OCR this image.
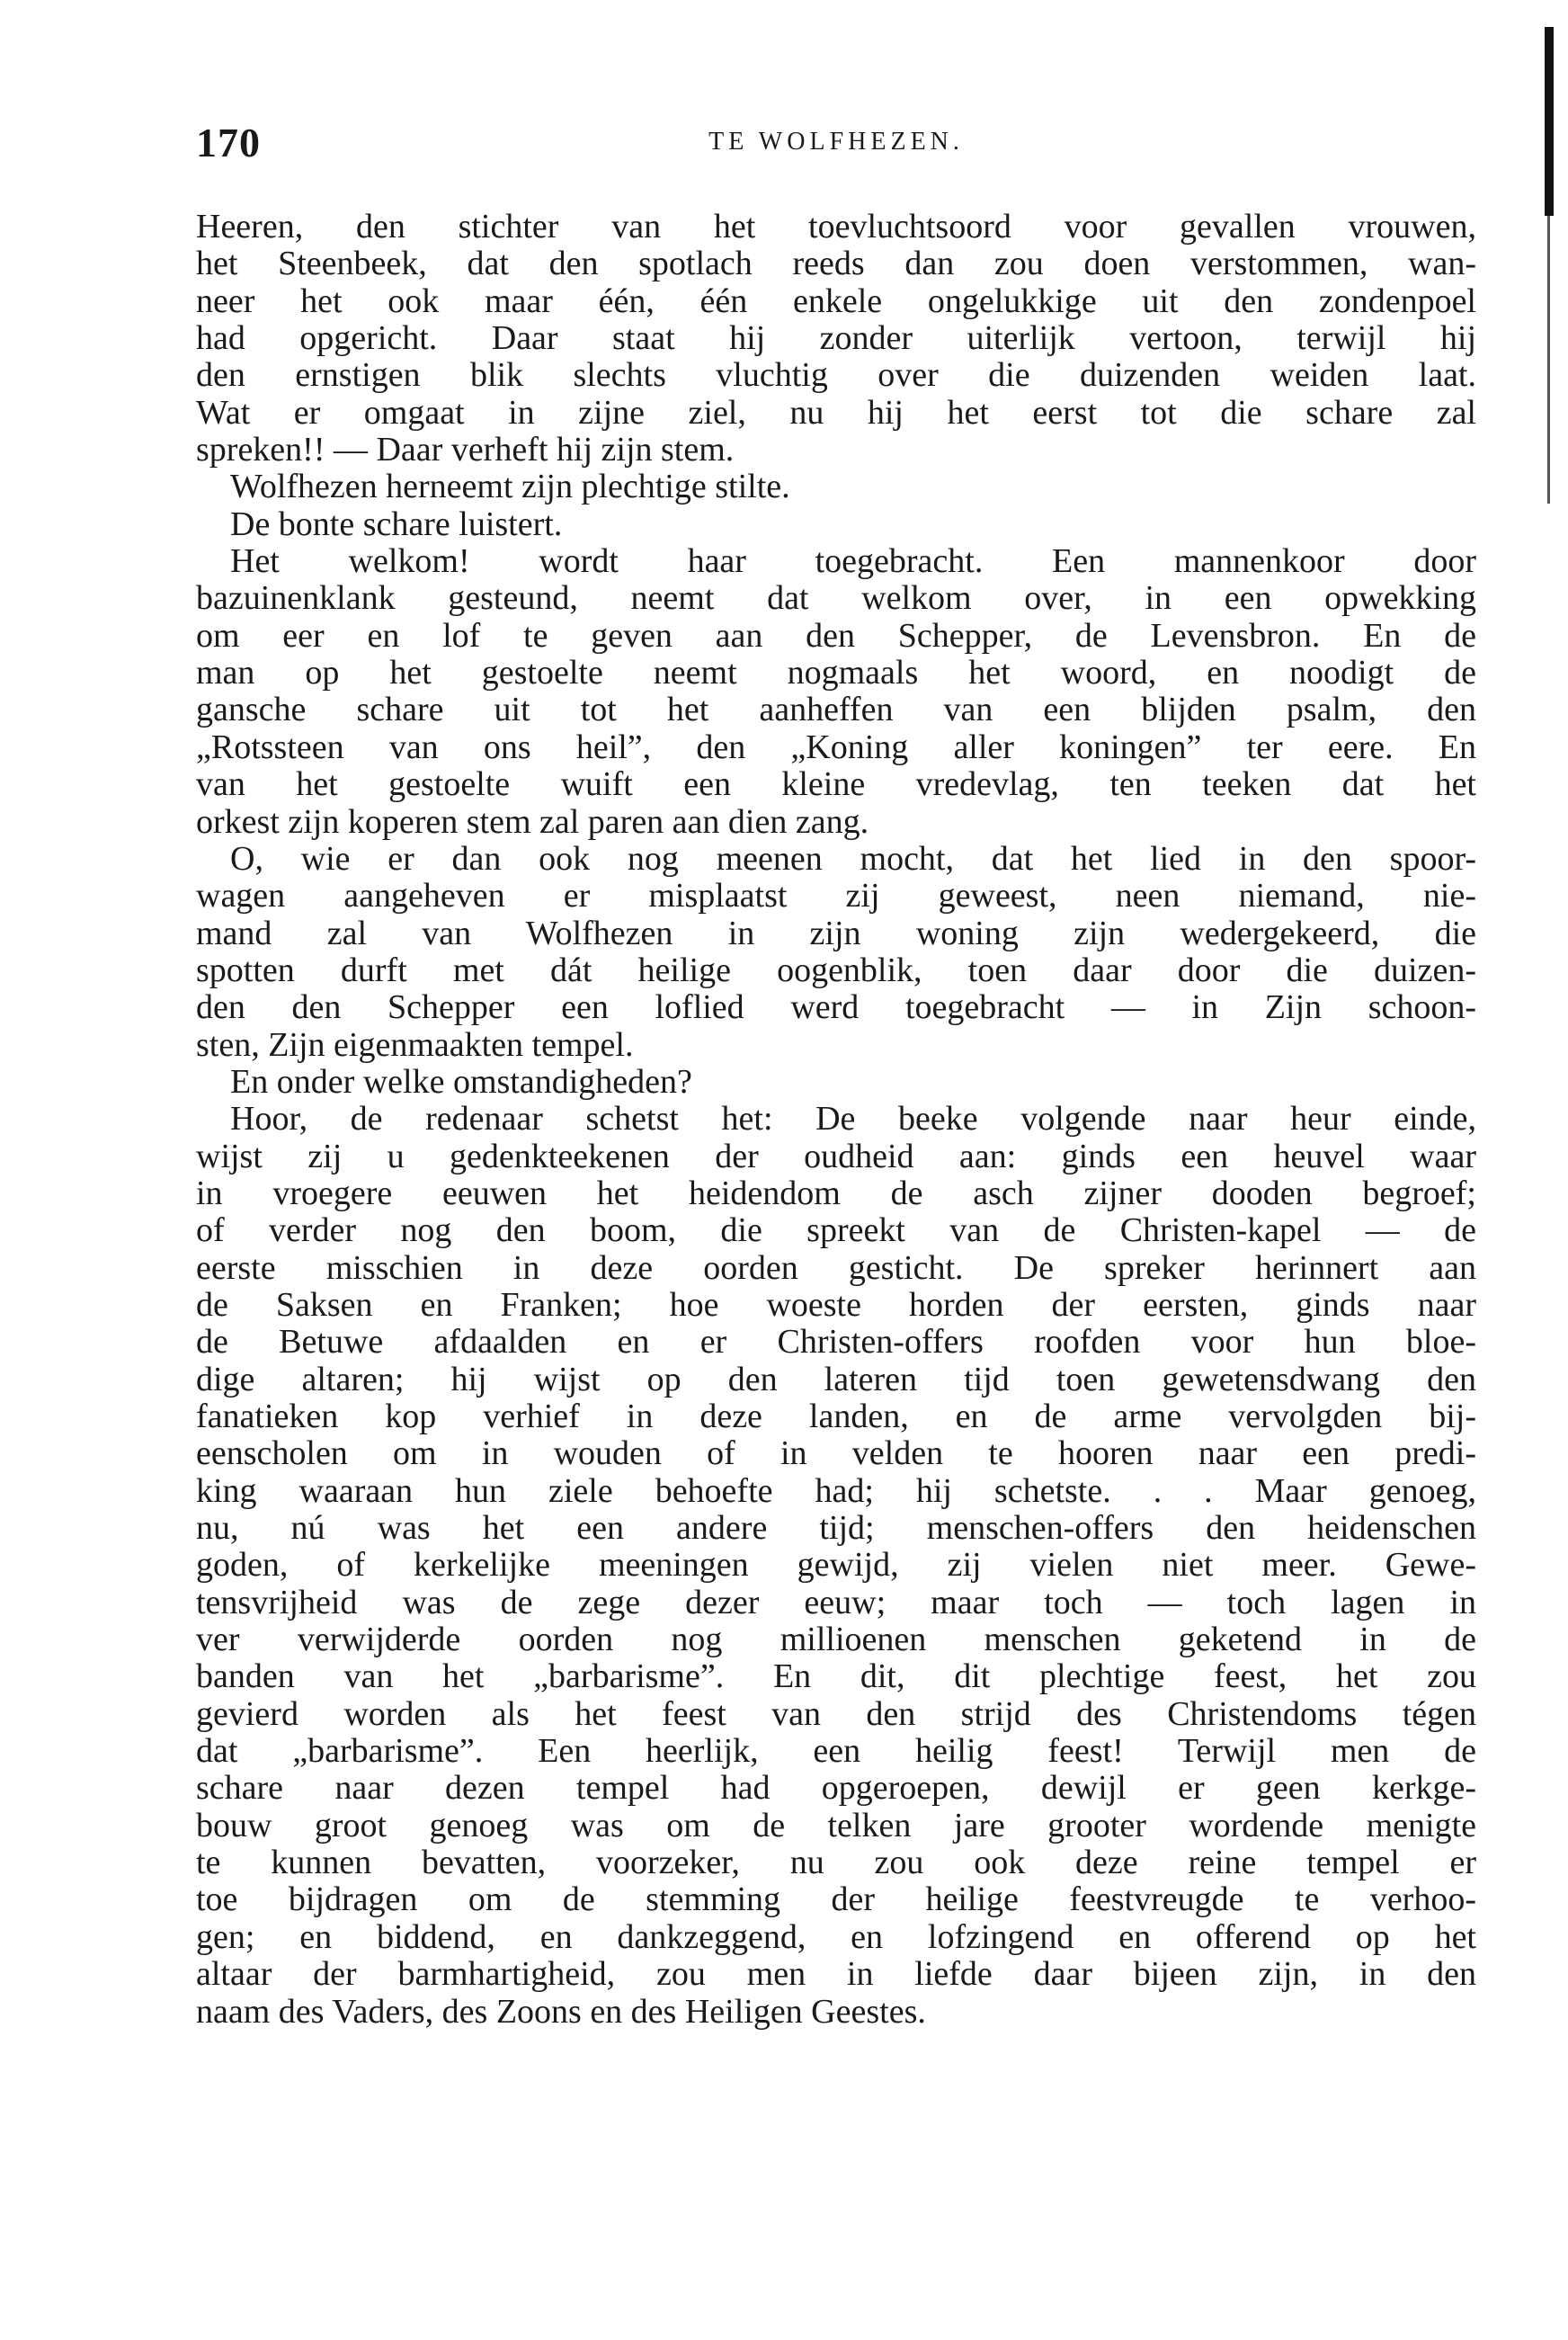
170	TE WOLFHEZEN.
Heeren, den stichter van het toevluchtsoord voor gevallen vrouwen,
het Steenbeek, dat den spotlach reeds dan zou doen verstommen, wan-
neer het ook maar één, één enkele ongelukkige uit den zondenpoel
had opgericht. Daar staat hij zonder uiterlijk vertoon, terwijl hij
den ernstigen blik slechts vluchtig over die duizenden weiden laat.
Wat er omgaat in zijne ziel, nu hij het eerst tot die schare zal
spreken!! — Daar verheft hij zijn stem.
Wolfhezen herneemt zijn plechtige stilte.
De bonte schare luistert.
Het welkom! wordt haar toegebracht. Een mannenkoor door
bazuinenklank gesteund, neemt dat welkom over, in een opwekking
om eer en lof te geven aan den Schepper, de Levensbron. En de
man op het gestoelte neemt nogmaals het woord, en noodigt de
gansche schare uit tot het aanheffen van een blijden psalm, den
„Rotssteen van ons heil”, den „Koning aller koningen” ter eere. En
van het gestoelte wuift een kleine vredevlag, ten teeken dat het
orkest zijn koperen stem zal paren aan dien zang.
O, wie er dan ook nog meenen mocht, dat het lied in den spoor-
wagen aangeheven er misplaatst zij geweest, neen niemand, nie-
mand zal van Wolfhezen in zijn woning zijn wedergekeerd, die
spotten durft met dát heilige oogenblik, toen daar door die duizen-
den den Schepper een loflied werd toegebracht — in Zijn schoon-
sten, Zijn eigenmaakten tempel.
En onder welke omstandigheden?
Hoor, de redenaar schetst het: De beeke volgende naar heur einde,
wijst zij u gedenkteekenen der oudheid aan: ginds een heuvel waar
in vroegere eeuwen het heidendom de asch zijner dooden begroef;
of verder nog den boom, die spreekt van de Christen-kapel — de
eerste misschien in deze oorden gesticht. De spreker herinnert aan
de Saksen en Franken; hoe woeste horden der eersten, ginds naar
de Betuwe afdaalden en er Christen-offers roofden voor hun bloe-
dige altaren; hij wijst op den lateren tijd toen gewetensdwang den
fanatieken kop verhief in deze landen, en de arme vervolgden bij-
eenscholen om in wouden of in velden te hooren naar een predi-
king waaraan hun ziele behoefte had; hij schetste. . . Maar genoeg,
nu, nú was het een andere tijd; menschen-offers den heidenschen
goden, of kerkelijke meeningen gewijd, zij vielen niet meer. Gewe-
tensvrijheid was de zege dezer eeuw; maar toch — toch lagen in
ver verwijderde oorden nog millioenen menschen geketend in de
banden van het „barbarisme”. En dit, dit plechtige feest, het zou
gevierd worden als het feest van den strijd des Christendoms tégen
dat „barbarisme”. Een heerlijk, een heilig feest! Terwijl men de
schare naar dezen tempel had opgeroepen, dewijl er geen kerkge-
bouw groot genoeg was om de telken jare grooter wordende menigte
te kunnen bevatten, voorzeker, nu zou ook deze reine tempel er
toe bijdragen om de stemming der heilige feestvreugde te verhoo-
gen; en biddend, en dankzeggend, en lofzingend en offerend op het
altaar der barmhartigheid, zou men in liefde daar bijeen zijn, in den
naam des Vaders, des Zoons en des Heiligen Geestes.
